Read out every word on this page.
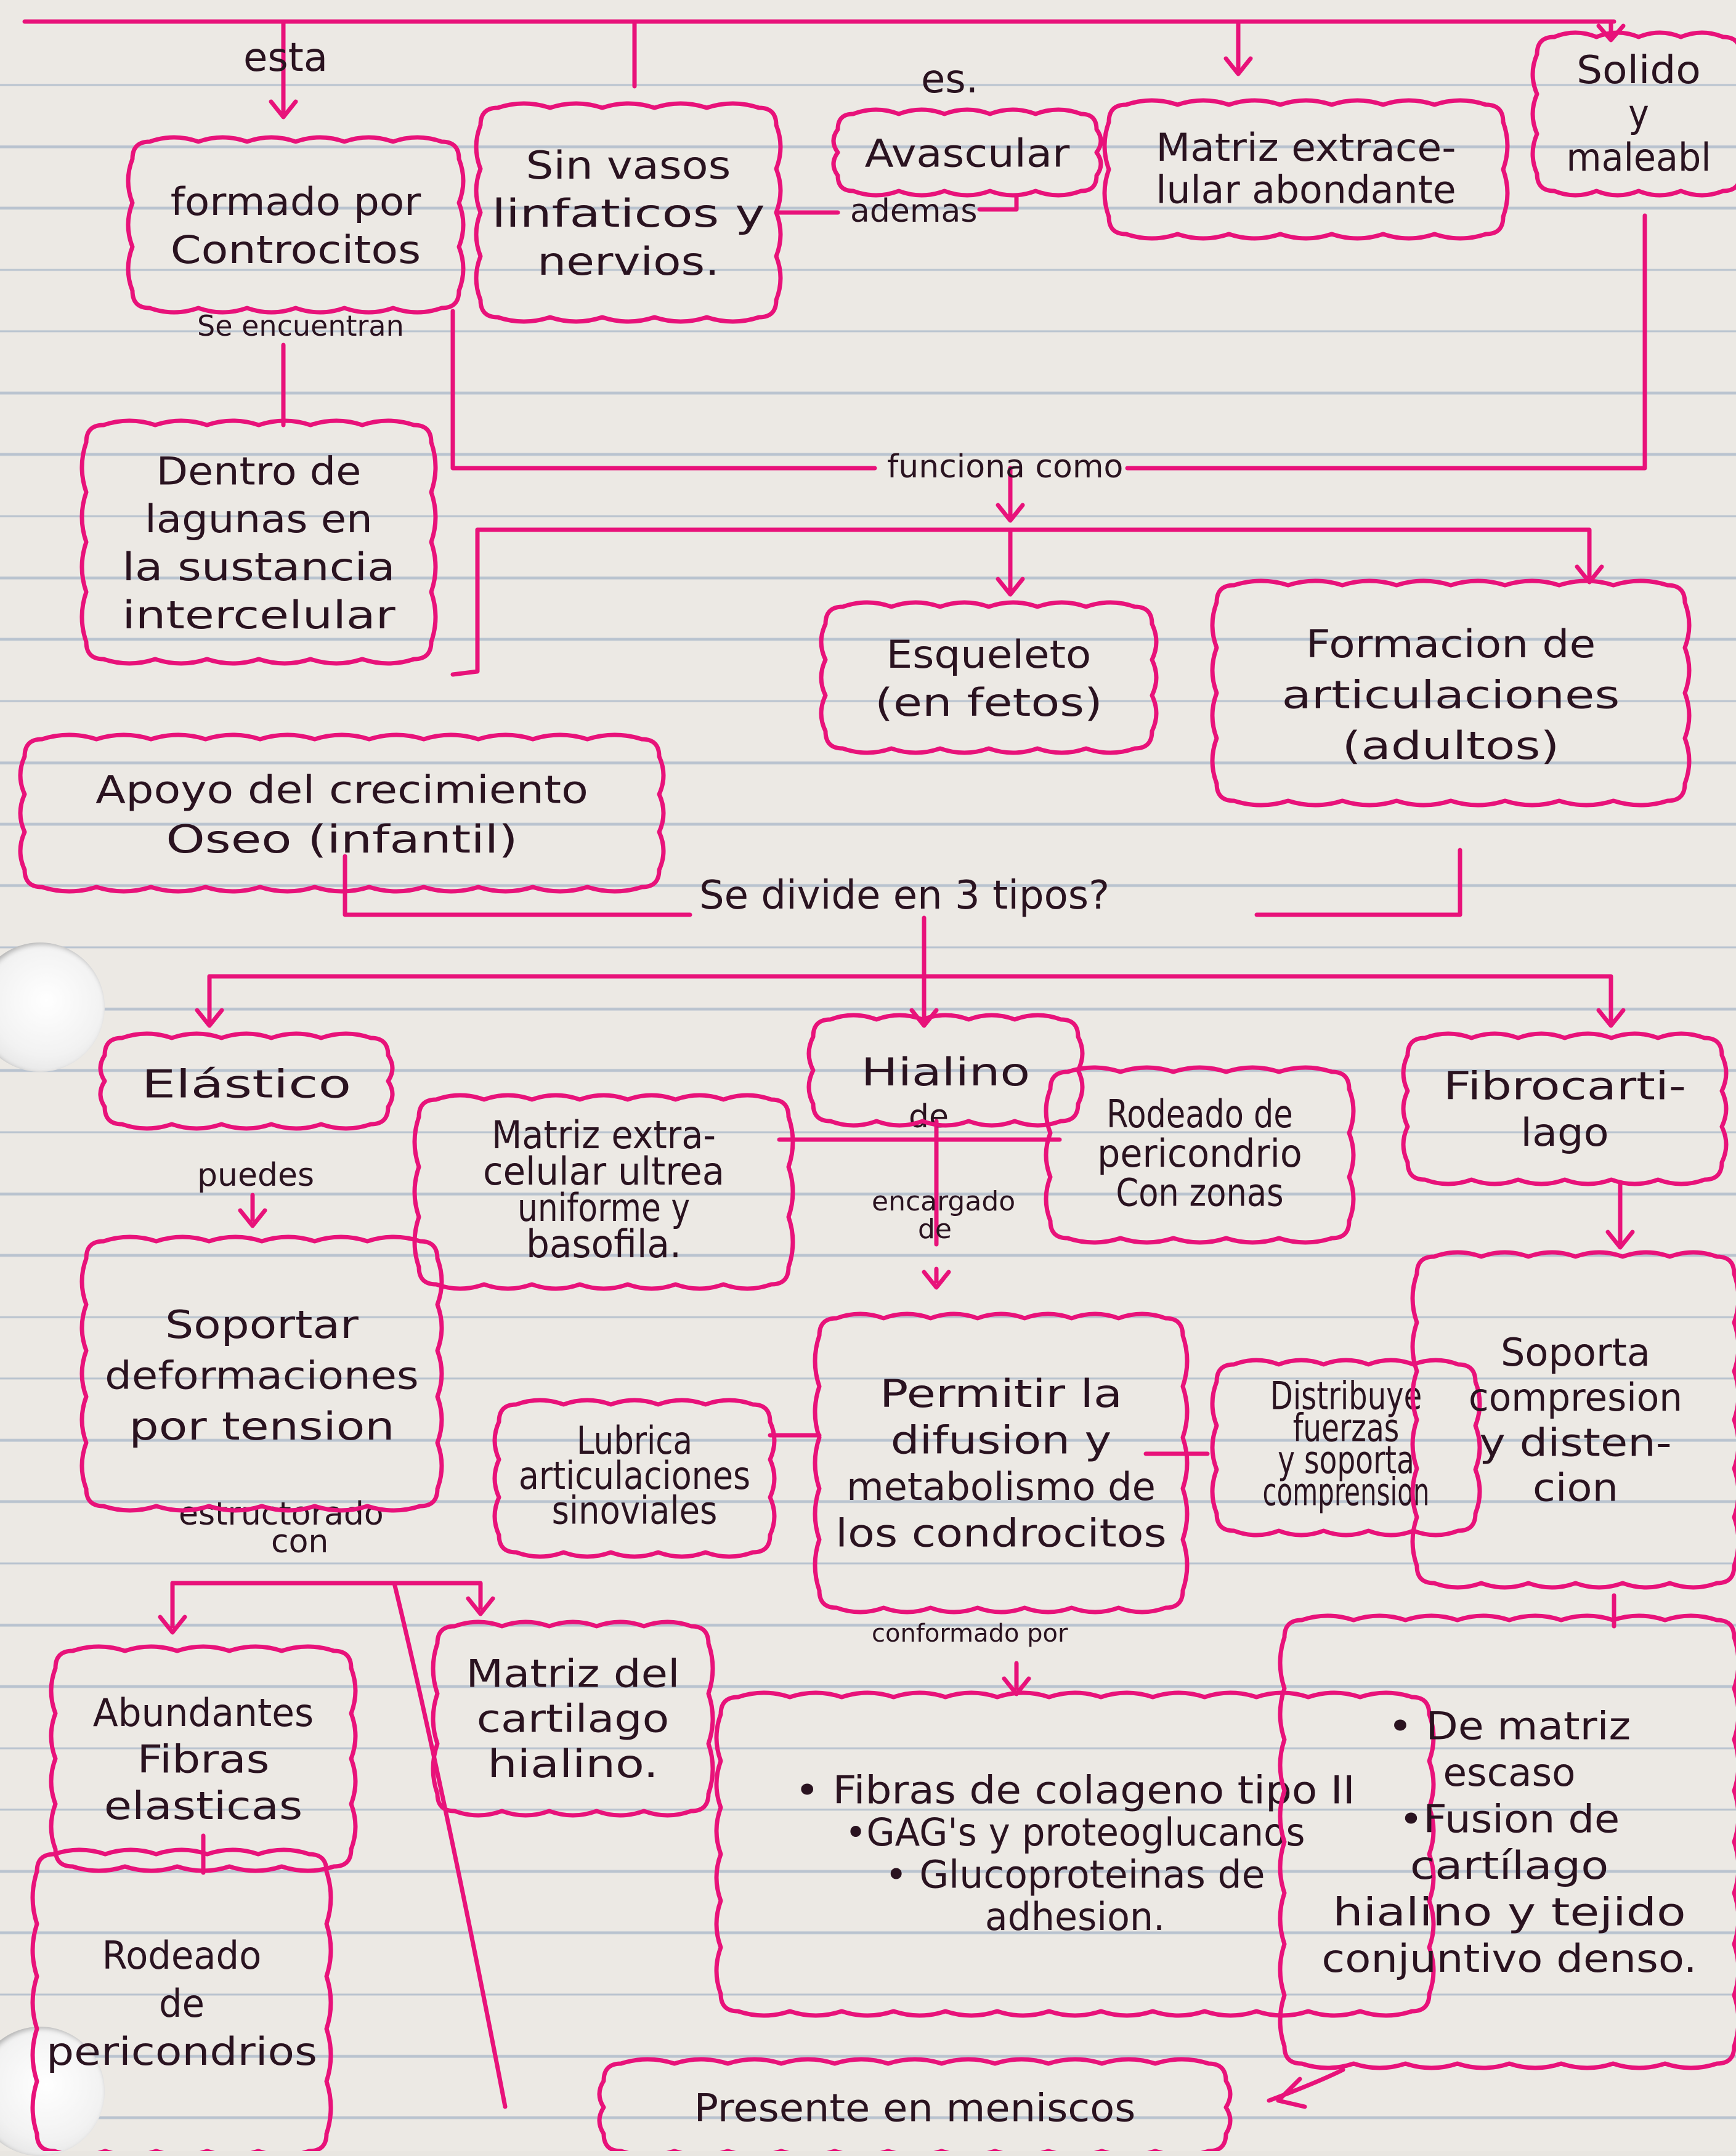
esta	es.
ademas
Se encuentran
funciona como
Se divide en 3 tipos?
de
encargado
de
puedes
estructorado
con
conformado por
formado por
Controcitos
Sin vasos
linfaticos y
nervios.
Avascular Matriz extrace-
lular abondante
Solido
y
maleabl
Dentro de
lagunas en
la sustancia
intercelular
Esqueleto
(en fetos)
Formacion de
articulaciones
(adultos)
Apoyo del crecimiento
Oseo (infantil)
Hialino
Elástico	Fibrocarti-
lago
Rodeado de
pericondrio
Con zonas
Matriz extra-
celular ultrea
uniforme y
basofila.
Soportar
deformaciones
por tension
Permitir la
difusion y
metabolismo de
los condrocitos
Lubrica
articulaciones
sinoviales
Distribuye
fuerzas
y soporta
comprension
Soporta
compresion
y disten-
cion
Abundantes
Fibras
elasticas
Matriz del
cartilago
hialino.
• Fibras de colageno tipo II
•GAG's y proteoglucanos
• Glucoproteinas de
adhesion.
• De matriz
escaso
•Fusion de
cartílago
hialino y tejido
conjuntivo denso.
Rodeado
de
pericondrios
Presente en meniscos
